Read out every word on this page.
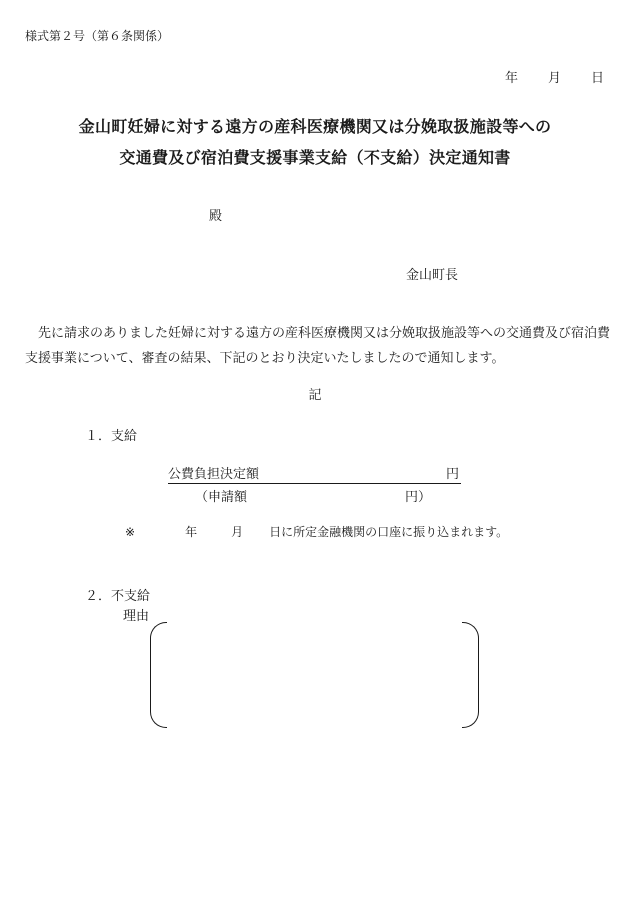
様式第２号（第６条関係）
年 月 日
金山町妊婦に対する遠方の産科医療機関又は分娩取扱施設等への
交通費及び宿泊費支援事業支給（不支給）決定通知書
殿
金山町長
先に請求のありました妊婦に対する遠方の産科医療機関又は分娩取扱施設等への交通費及び宿泊費支援事業について、審査の結果、下記のとおり決定いたしましたので通知します。
記
１．支給
公費負担決定額	円
（申請額	円）
※	年	月 日に所定金融機関の口座に振り込まれます。
２．不支給
理由
